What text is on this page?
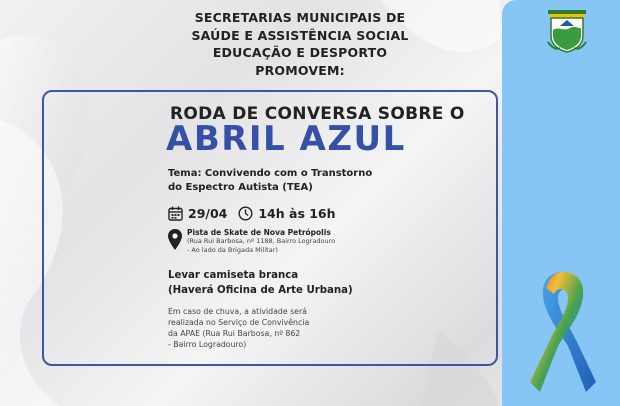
SECRETARIAS MUNICIPAIS DE
SAÚDE E ASSISTÊNCIA SOCIAL
EDUCAÇÃO E DESPORTO
PROMOVEM:
RODA DE CONVERSA SOBRE O
ABRIL AZUL
Tema: Convivendo com o Transtorno
do Espectro Autista (TEA)
29/04 14h às 16h
Pista de Skate de Nova Petrópolis
(Rua Rui Barbosa, nº 1188, Bairro Logradouro
- Ao lado da Brigada Militar)
Levar camiseta branca
(Haverá Oficina de Arte Urbana)
Em caso de chuva, a atividade será
realizada no Serviço de Convivência
da APAE (Rua Rui Barbosa, nº 862
- Bairro Logradouro)
